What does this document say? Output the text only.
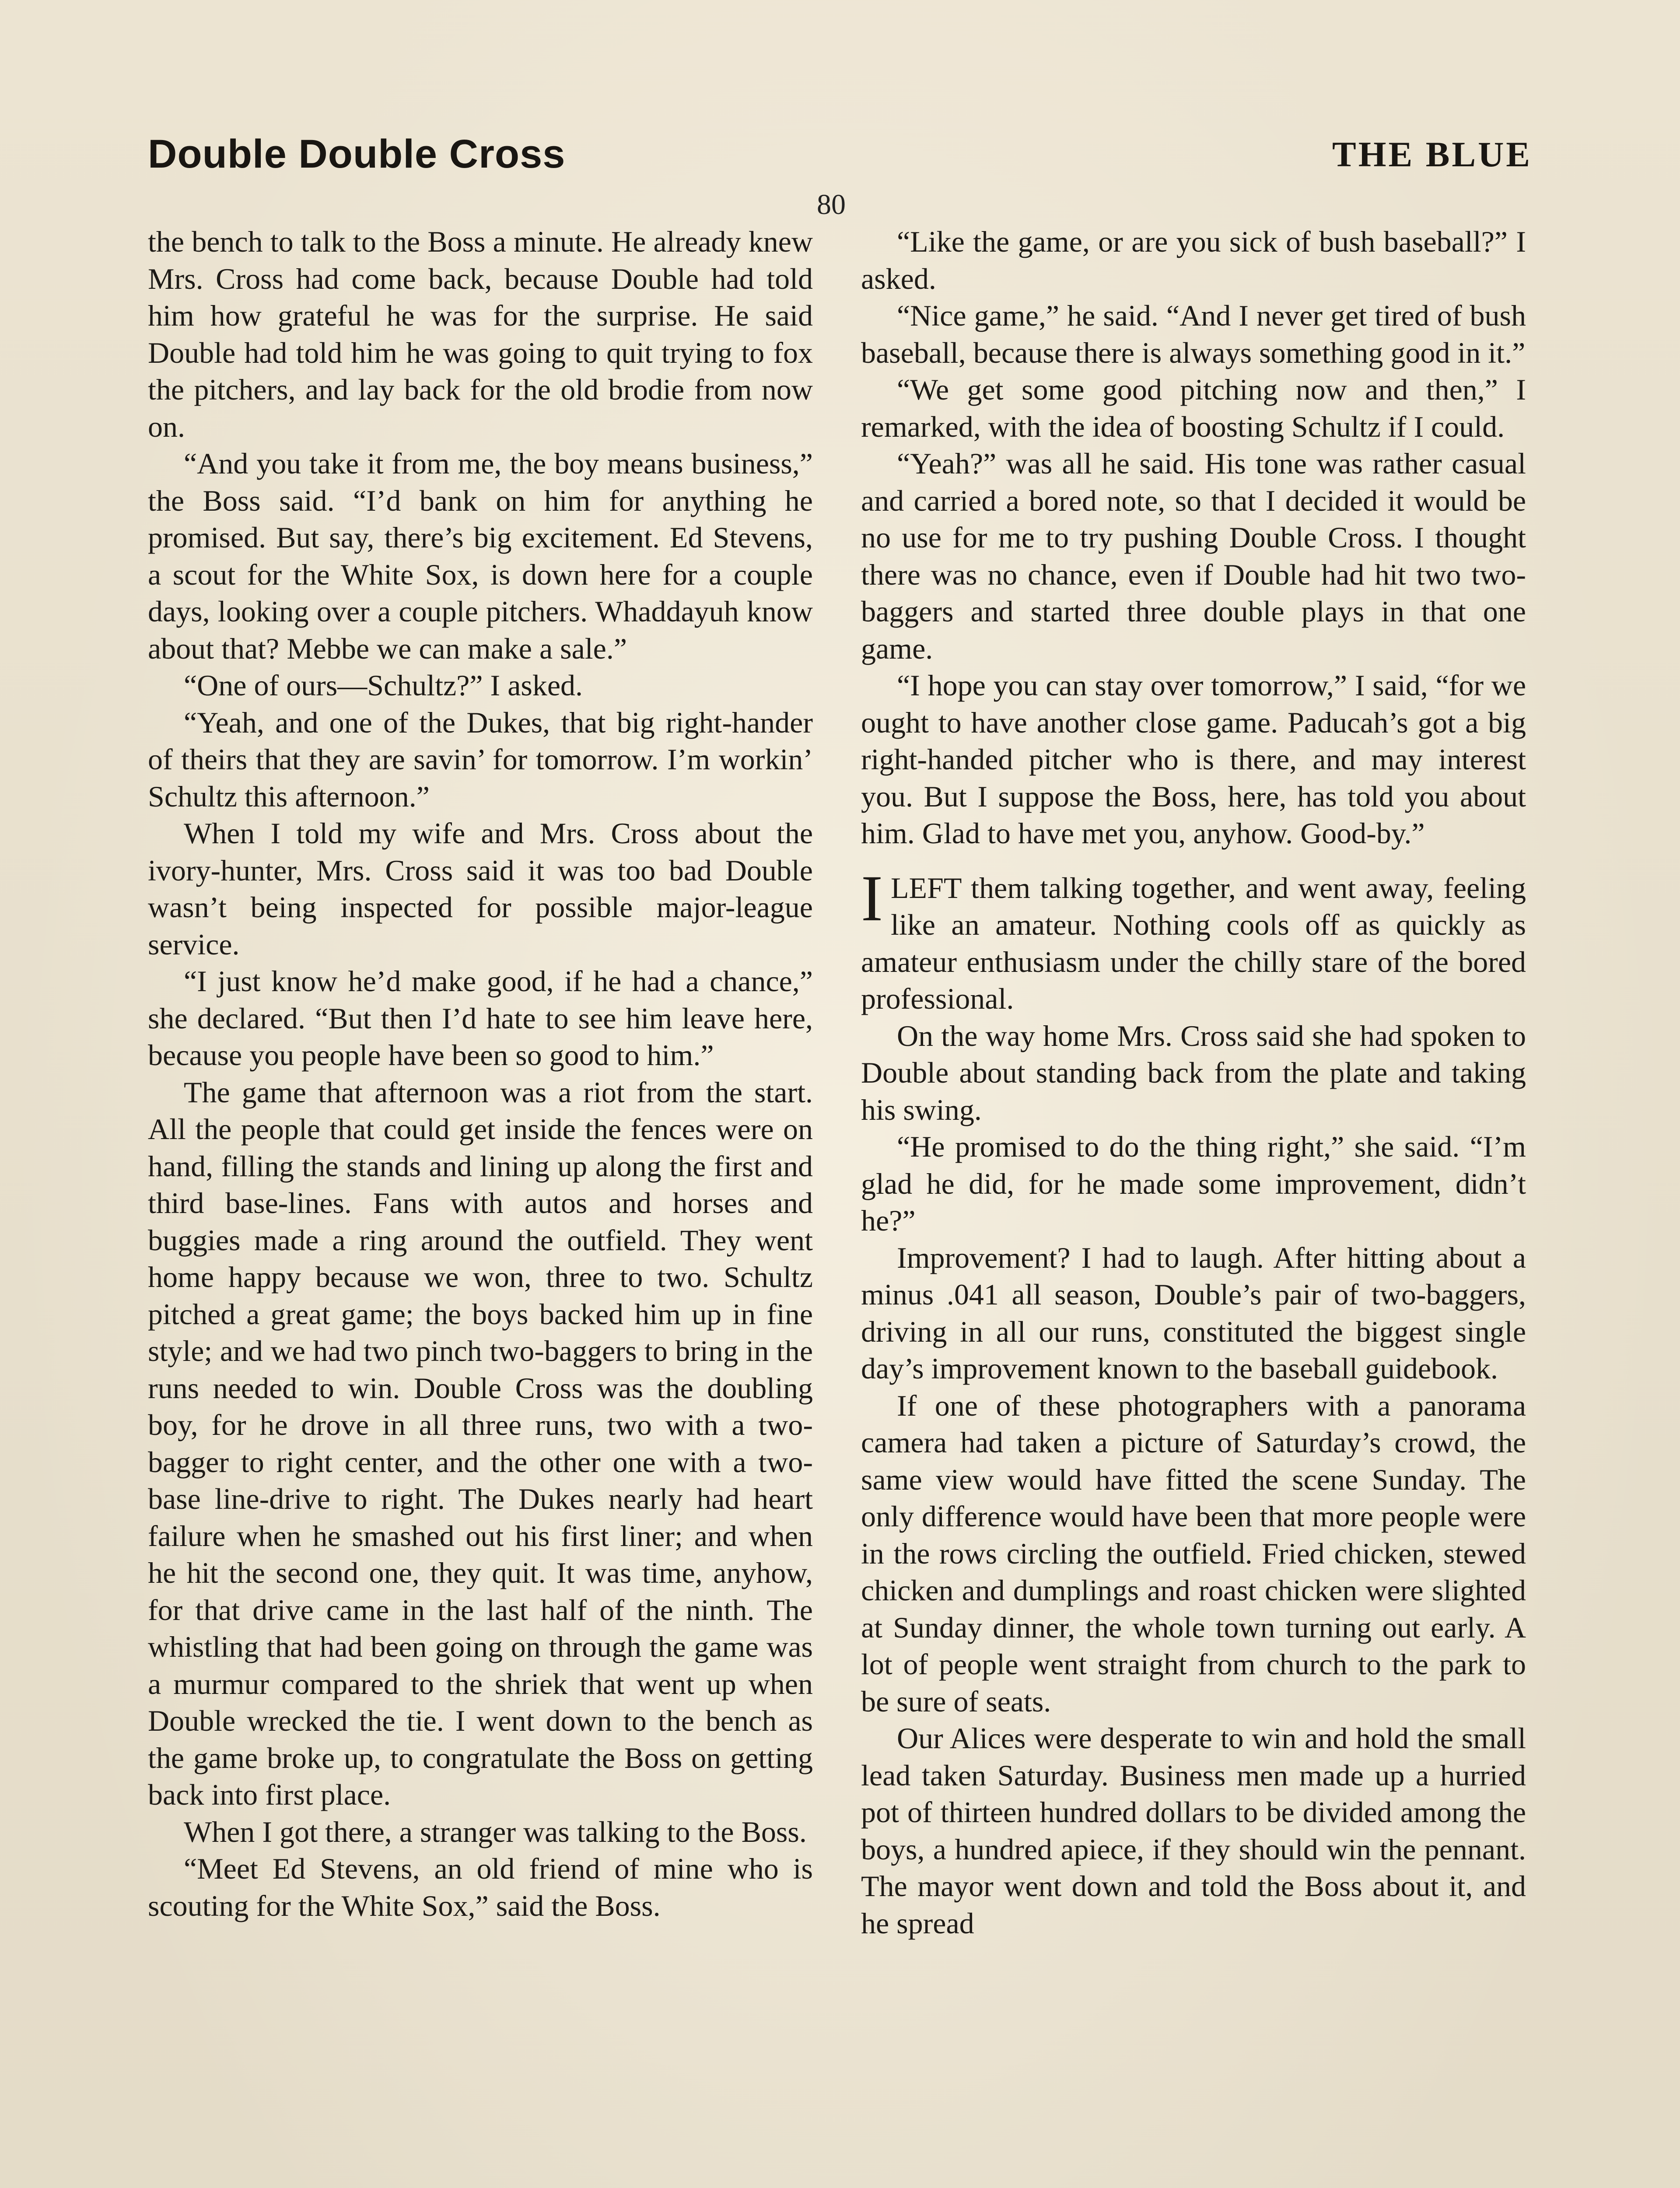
Double Double Cross	THE BLUE
80

the bench to talk to the Boss a minute. He already knew Mrs. Cross had come back, because Double had told him how grateful he was for the surprise. He said Double had told him he was going to quit trying to fox the pitchers, and lay back for the old brodie from now on.

“And you take it from me, the boy means business,” the Boss said. “I’d bank on him for anything he promised. But say, there’s big excitement. Ed Stevens, a scout for the White Sox, is down here for a couple days, looking over a couple pitchers. Whaddayuh know about that? Mebbe we can make a sale.”

“One of ours—Schultz?” I asked.

“Yeah, and one of the Dukes, that big right-hander of theirs that they are savin’ for tomorrow. I’m workin’ Schultz this afternoon.”

When I told my wife and Mrs. Cross about the ivory-hunter, Mrs. Cross said it was too bad Double wasn’t being inspected for possible major-league service.

“I just know he’d make good, if he had a chance,” she declared. “But then I’d hate to see him leave here, because you people have been so good to him.”

The game that afternoon was a riot from the start. All the people that could get inside the fences were on hand, filling the stands and lining up along the first and third base-lines. Fans with autos and horses and buggies made a ring around the outfield. They went home happy because we won, three to two. Schultz pitched a great game; the boys backed him up in fine style; and we had two pinch two-baggers to bring in the runs needed to win. Double Cross was the doubling boy, for he drove in all three runs, two with a two-bagger to right center, and the other one with a two-base line-drive to right. The Dukes nearly had heart failure when he smashed out his first liner; and when he hit the second one, they quit. It was time, anyhow, for that drive came in the last half of the ninth. The whistling that had been going on through the game was a murmur compared to the shriek that went up when Double wrecked the tie. I went down to the bench as the game broke up, to congratulate the Boss on getting back into first place.

When I got there, a stranger was talking to the Boss.

“Meet Ed Stevens, an old friend of mine who is scouting for the White Sox,” said the Boss.

“Like the game, or are you sick of bush baseball?” I asked.

“Nice game,” he said. “And I never get tired of bush baseball, because there is always something good in it.”

“We get some good pitching now and then,” I remarked, with the idea of boosting Schultz if I could.

“Yeah?” was all he said. His tone was rather casual and carried a bored note, so that I decided it would be no use for me to try pushing Double Cross. I thought there was no chance, even if Double had hit two two-baggers and started three double plays in that one game.

“I hope you can stay over tomorrow,” I said, “for we ought to have another close game. Paducah’s got a big right-handed pitcher who is there, and may interest you. But I suppose the Boss, here, has told you about him. Glad to have met you, anyhow. Good-by.”

ILEFT them talking together, and went away, feeling like an amateur. Nothing cools off as quickly as amateur enthusiasm under the chilly stare of the bored professional.

On the way home Mrs. Cross said she had spoken to Double about standing back from the plate and taking his swing.

“He promised to do the thing right,” she said. “I’m glad he did, for he made some improvement, didn’t he?”

Improvement? I had to laugh. After hitting about a minus .041 all season, Double’s pair of two-baggers, driving in all our runs, constituted the biggest single day’s improvement known to the baseball guidebook.

If one of these photographers with a panorama camera had taken a picture of Saturday’s crowd, the same view would have fitted the scene Sunday. The only difference would have been that more people were in the rows circling the outfield. Fried chicken, stewed chicken and dumplings and roast chicken were slighted at Sunday dinner, the whole town turning out early. A lot of people went straight from church to the park to be sure of seats.

Our Alices were desperate to win and hold the small lead taken Saturday. Business men made up a hurried pot of thirteen hundred dollars to be divided among the boys, a hundred apiece, if they should win the pennant. The mayor went down and told the Boss about it, and he spread
